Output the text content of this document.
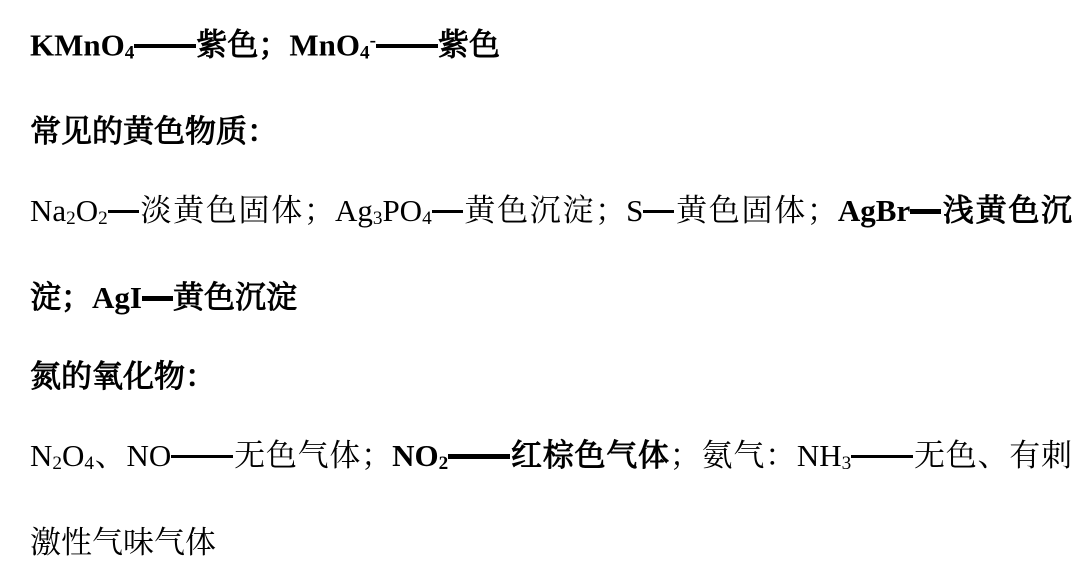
KMnO4 紫色；MnO4- 紫色
常见的黄色物质：
Na2O2 淡黄色固体；Ag3PO4 黄色沉淀；S 黄色固体；AgBr 浅黄色沉
淀；AgI 黄色沉淀
氮的氧化物：
N2O4、NO 无色气体；NO2 红棕色气体；氨气：NH3 无色、有刺
激性气味气体
